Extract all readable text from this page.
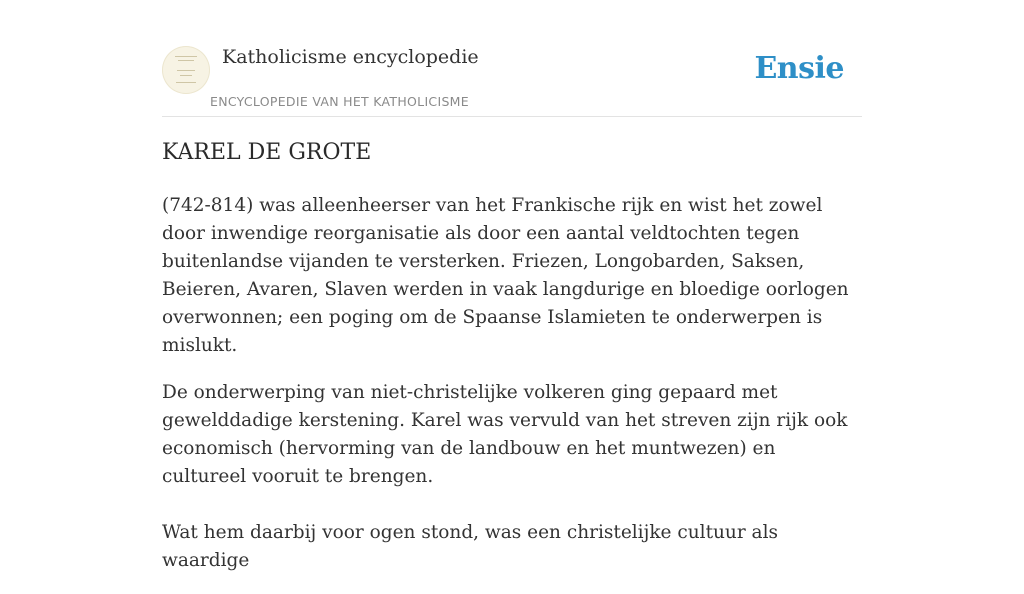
Katholicisme encyclopedie
ENCYCLOPEDIE VAN HET KATHOLICISME
Ensie
KAREL DE GROTE

(742-814) was alleenheerser van het Frankische rijk en wist het zowel door inwendige reorganisatie als door een aantal veldtochten tegen buitenlandse vijanden te versterken. Friezen, Longobarden, Saksen, Beieren, Avaren, Slaven werden in vaak langdurige en bloedige oorlogen overwonnen; een poging om de Spaanse Islamieten te onderwerpen is mislukt.

De onderwerping van niet-christelijke volkeren ging gepaard met gewelddadige kerstening. Karel was vervuld van het streven zijn rijk ook economisch (hervorming van de landbouw en het muntwezen) en cultureel vooruit te brengen.

Wat hem daarbij voor ogen stond, was een christelijke cultuur als waardige
